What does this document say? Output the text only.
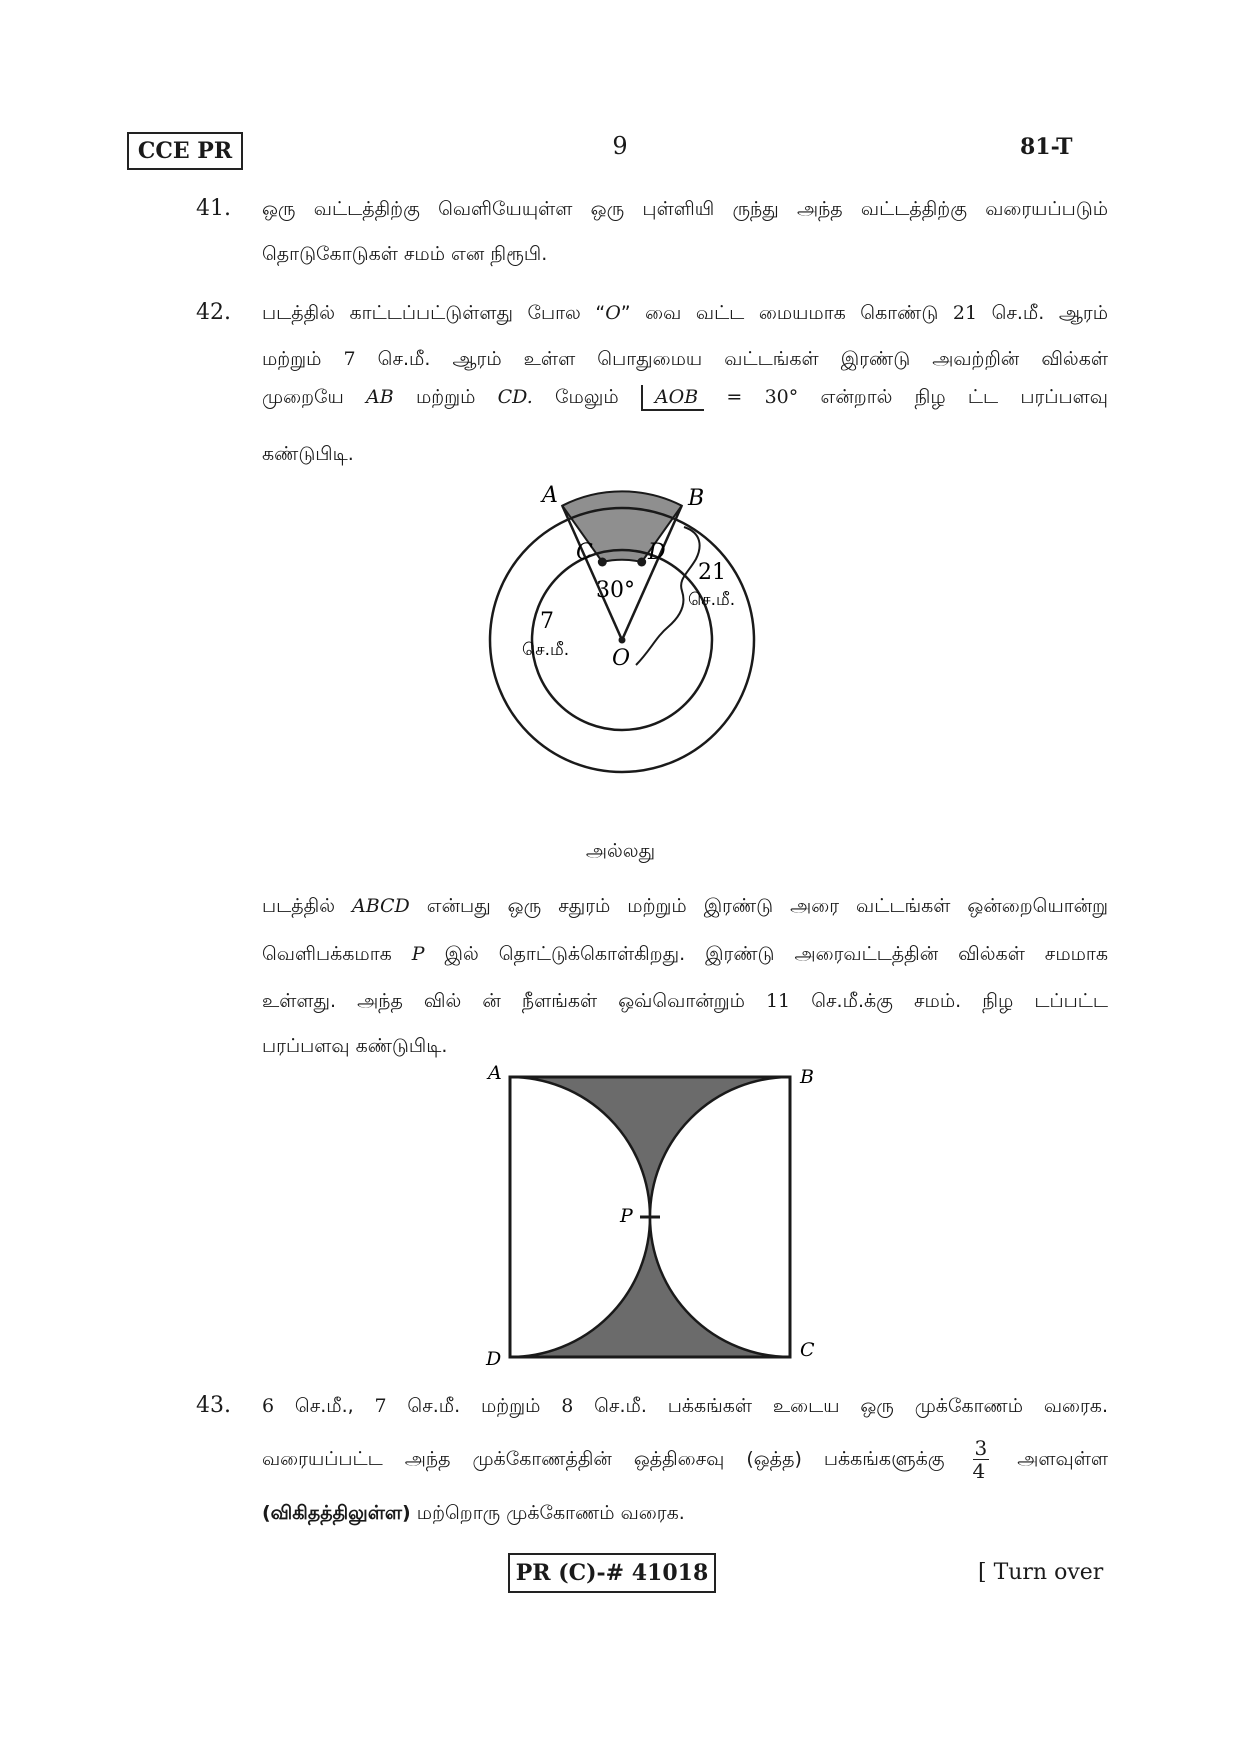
CCE PR	9	81-T
41. ஒரு வட்டத்திற்கு வெளியேயுள்ள ஒரு புள்ளியி ருந்து அந்த வட்டத்திற்கு வரையப்படும்
தொடுகோடுகள் சமம் என நிரூபி.
42. படத்தில் காட்டப்பட்டுள்ளது போல “O” வை வட்ட மையமாக கொண்டு 21 செ.மீ. ஆரம்
மற்றும் 7 செ.மீ. ஆரம் உள்ள பொதுமைய வட்டங்கள் இரண்டு அவற்றின் வில்கள்
முறையே AB மற்றும் CD. மேலும் AOB = 30° என்றால் நிழ ட்ட பரப்பளவு
கண்டுபிடி.
A	B
C	D
O
30°
21
செ.மீ.
7
செ.மீ.
அல்லது
படத்தில் ABCD என்பது ஒரு சதுரம் மற்றும் இரண்டு அரை வட்டங்கள் ஒன்றையொன்று
வெளிபக்கமாக P இல் தொட்டுக்கொள்கிறது. இரண்டு அரைவட்டத்தின் வில்கள் சமமாக
உள்ளது. அந்த வில் ன் நீளங்கள் ஒவ்வொன்றும் 11 செ.மீ.க்கு சமம். நிழ டப்பட்ட
பரப்பளவு கண்டுபிடி.
A	B
C
D
P
43. 6 செ.மீ., 7 செ.மீ. மற்றும் 8 செ.மீ. பக்கங்கள் உடைய ஒரு முக்கோணம் வரைக.
வரையப்பட்ட அந்த முக்கோணத்தின் ஒத்திசைவு (ஒத்த) பக்கங்களுக்கு $\frac{3}{4}$ அளவுள்ள
(விகிதத்திலுள்ள) மற்றொரு முக்கோணம் வரைக.
PR (C)-# 41018	[ Turn over
